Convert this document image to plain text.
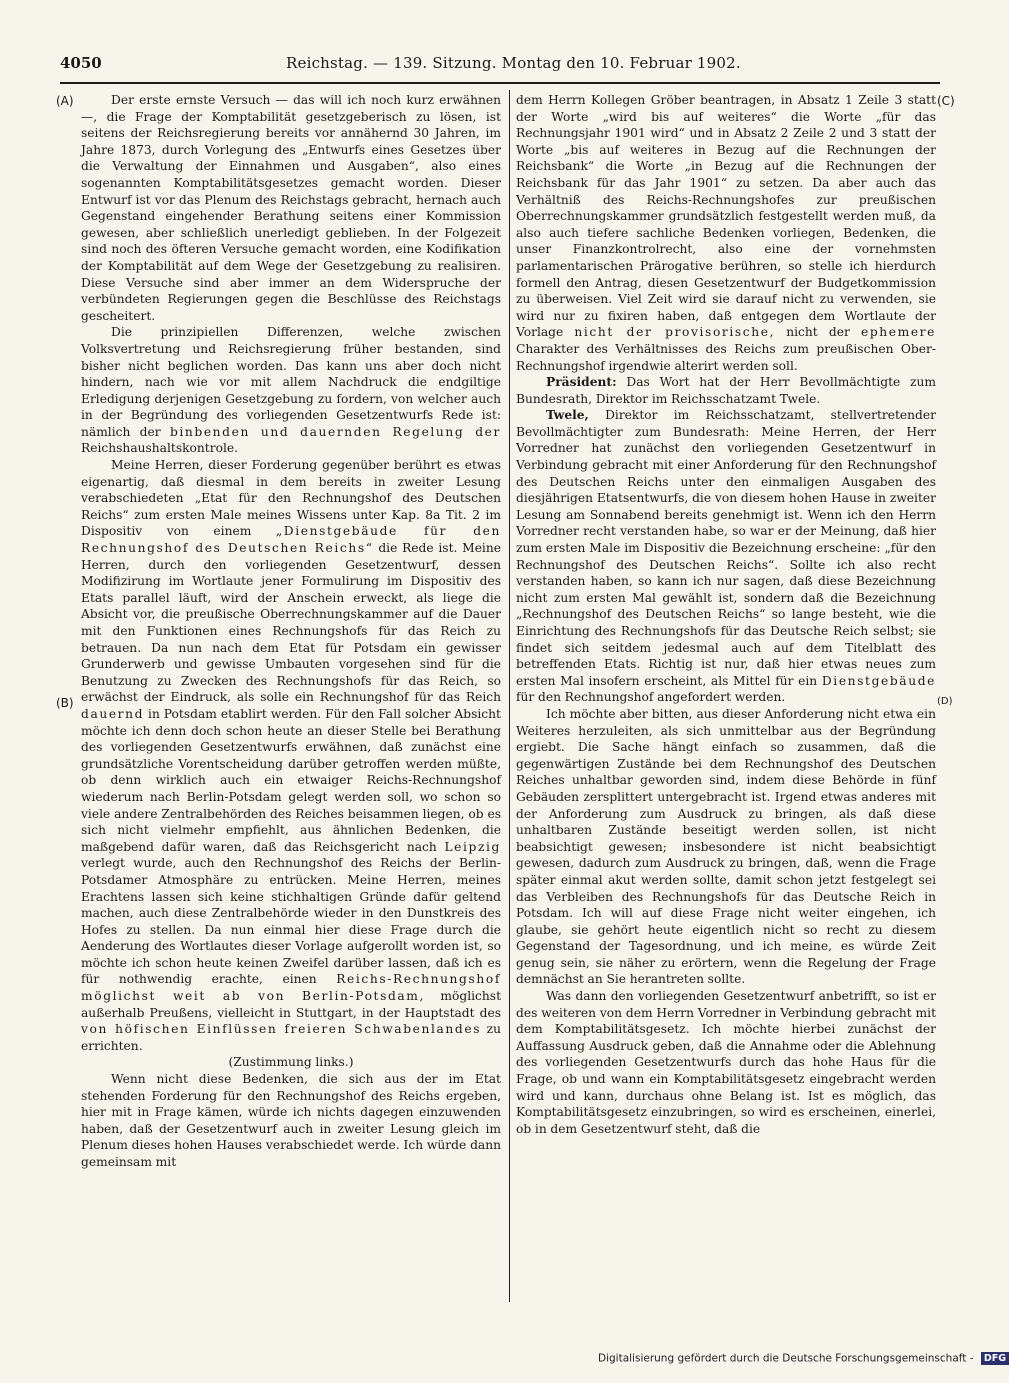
4050	Reichstag. — 139. Sitzung. Montag den 10. Februar 1902.
(A)
(B)
(C)
(D)

Der erste ernste Versuch — das will ich noch kurz erwähnen —, die Frage der Komptabilität gesetzgeberisch zu lösen, ist seitens der Reichsregierung bereits vor annähernd 30 Jahren, im Jahre 1873, durch Vorlegung des „Entwurfs eines Gesetzes über die Verwaltung der Einnahmen und Ausgaben“, also eines sogenannten Komptabilitätsgesetzes gemacht worden. Dieser Entwurf ist vor das Plenum des Reichstags gebracht, hernach auch Gegenstand eingehender Berathung seitens einer Kommission gewesen, aber schließlich unerledigt geblieben. In der Folgezeit sind noch des öfteren Versuche gemacht worden, eine Kodifikation der Komptabilität auf dem Wege der Gesetzgebung zu realisiren. Diese Versuche sind aber immer an dem Widerspruche der verbündeten Regierungen gegen die Beschlüsse des Reichstags gescheitert.

Die prinzipiellen Differenzen, welche zwischen Volksvertretung und Reichsregierung früher bestanden, sind bisher nicht beglichen worden. Das kann uns aber doch nicht hindern, nach wie vor mit allem Nachdruck die endgiltige Erledigung derjenigen Gesetzgebung zu fordern, von welcher auch in der Begründung des vorliegenden Gesetzentwurfs Rede ist: nämlich der binbenden und dauernden Regelung der Reichshaushaltskontrole.

Meine Herren, dieser Forderung gegenüber berührt es etwas eigenartig, daß diesmal in dem bereits in zweiter Lesung verabschiedeten „Etat für den Rechnungshof des Deutschen Reichs“ zum ersten Male meines Wissens unter Kap. 8a Tit. 2 im Dispositiv von einem „Dienstgebäude für den Rechnungshof des Deutschen Reichs“ die Rede ist. Meine Herren, durch den vorliegenden Gesetzentwurf, dessen Modifizirung im Wortlaute jener Formulirung im Dispositiv des Etats parallel läuft, wird der Anschein erweckt, als liege die Absicht vor, die preußische Oberrechnungskammer auf die Dauer mit den Funktionen eines Rechnungshofs für das Reich zu betrauen. Da nun nach dem Etat für Potsdam ein gewisser Grunderwerb und gewisse Umbauten vorgesehen sind für die Benutzung zu Zwecken des Rechnungshofs für das Reich, so erwächst der Eindruck, als solle ein Rechnungshof für das Reich dauernd in Potsdam etablirt werden. Für den Fall solcher Absicht möchte ich denn doch schon heute an dieser Stelle bei Berathung des vorliegenden Gesetzentwurfs erwähnen, daß zunächst eine grundsätzliche Vorentscheidung darüber getroffen werden müßte, ob denn wirklich auch ein etwaiger Reichs-Rechnungshof wiederum nach Berlin-Potsdam gelegt werden soll, wo schon so viele andere Zentralbehörden des Reiches beisammen liegen, ob es sich nicht vielmehr empfiehlt, aus ähnlichen Bedenken, die maßgebend dafür waren, daß das Reichsgericht nach Leipzig verlegt wurde, auch den Rechnungshof des Reichs der Berlin-Potsdamer Atmosphäre zu entrücken. Meine Herren, meines Erachtens lassen sich keine stichhaltigen Gründe dafür geltend machen, auch diese Zentralbehörde wieder in den Dunstkreis des Hofes zu stellen. Da nun einmal hier diese Frage durch die Aenderung des Wortlautes dieser Vorlage aufgerollt worden ist, so möchte ich schon heute keinen Zweifel darüber lassen, daß ich es für nothwendig erachte, einen Reichs-Rechnungshof möglichst weit ab von Berlin-Potsdam, möglichst außerhalb Preußens, vielleicht in Stuttgart, in der Hauptstadt des von höfischen Einflüssen freieren Schwabenlandes zu errichten.

(Zustimmung links.)

Wenn nicht diese Bedenken, die sich aus der im Etat stehenden Forderung für den Rechnungshof des Reichs ergeben, hier mit in Frage kämen, würde ich nichts dagegen einzuwenden haben, daß der Gesetzentwurf auch in zweiter Lesung gleich im Plenum dieses hohen Hauses verabschiedet werde. Ich würde dann gemeinsam mit

dem Herrn Kollegen Gröber beantragen, in Absatz 1 Zeile 3 statt der Worte „wird bis auf weiteres“ die Worte „für das Rechnungsjahr 1901 wird“ und in Absatz 2 Zeile 2 und 3 statt der Worte „bis auf weiteres in Bezug auf die Rechnungen der Reichsbank“ die Worte „in Bezug auf die Rechnungen der Reichsbank für das Jahr 1901“ zu setzen. Da aber auch das Verhältniß des Reichs-Rechnungshofes zur preußischen Oberrechnungskammer grundsätzlich festgestellt werden muß, da also auch tiefere sachliche Bedenken vorliegen, Bedenken, die unser Finanzkontrolrecht, also eine der vornehmsten parlamentarischen Prärogative berühren, so stelle ich hierdurch formell den Antrag, diesen Gesetzentwurf der Budgetkommission zu überweisen. Viel Zeit wird sie darauf nicht zu verwenden, sie wird nur zu fixiren haben, daß entgegen dem Wortlaute der Vorlage nicht der provisorische, nicht der ephemere Charakter des Verhältnisses des Reichs zum preußischen Ober-Rechnungshof irgendwie alterirt werden soll.

Präsident: Das Wort hat der Herr Bevollmächtigte zum Bundesrath, Direktor im Reichsschatzamt Twele.

Twele, Direktor im Reichsschatzamt, stellvertretender Bevollmächtigter zum Bundesrath: Meine Herren, der Herr Vorredner hat zunächst den vorliegenden Gesetzentwurf in Verbindung gebracht mit einer Anforderung für den Rechnungshof des Deutschen Reichs unter den einmaligen Ausgaben des diesjährigen Etatsentwurfs, die von diesem hohen Hause in zweiter Lesung am Sonnabend bereits genehmigt ist. Wenn ich den Herrn Vorredner recht verstanden habe, so war er der Meinung, daß hier zum ersten Male im Dispositiv die Bezeichnung erscheine: „für den Rechnungshof des Deutschen Reichs“. Sollte ich also recht verstanden haben, so kann ich nur sagen, daß diese Bezeichnung nicht zum ersten Mal gewählt ist, sondern daß die Bezeichnung „Rechnungshof des Deutschen Reichs“ so lange besteht, wie die Einrichtung des Rechnungshofs für das Deutsche Reich selbst; sie findet sich seitdem jedesmal auch auf dem Titelblatt des betreffenden Etats. Richtig ist nur, daß hier etwas neues zum ersten Mal insofern erscheint, als Mittel für ein Dienstgebäude für den Rechnungshof angefordert werden.

Ich möchte aber bitten, aus dieser Anforderung nicht etwa ein Weiteres herzuleiten, als sich unmittelbar aus der Begründung ergiebt. Die Sache hängt einfach so zusammen, daß die gegenwärtigen Zustände bei dem Rechnungshof des Deutschen Reiches unhaltbar geworden sind, indem diese Behörde in fünf Gebäuden zersplittert untergebracht ist. Irgend etwas anderes mit der Anforderung zum Ausdruck zu bringen, als daß diese unhaltbaren Zustände beseitigt werden sollen, ist nicht beabsichtigt gewesen; insbesondere ist nicht beabsichtigt gewesen, dadurch zum Ausdruck zu bringen, daß, wenn die Frage später einmal akut werden sollte, damit schon jetzt festgelegt sei das Verbleiben des Rechnungshofs für das Deutsche Reich in Potsdam. Ich will auf diese Frage nicht weiter eingehen, ich glaube, sie gehört heute eigentlich nicht so recht zu diesem Gegenstand der Tagesordnung, und ich meine, es würde Zeit genug sein, sie näher zu erörtern, wenn die Regelung der Frage demnächst an Sie herantreten sollte.

Was dann den vorliegenden Gesetzentwurf anbetrifft, so ist er des weiteren von dem Herrn Vorredner in Verbindung gebracht mit dem Komptabilitätsgesetz. Ich möchte hierbei zunächst der Auffassung Ausdruck geben, daß die Annahme oder die Ablehnung des vorliegenden Gesetzentwurfs durch das hohe Haus für die Frage, ob und wann ein Komptabilitätsgesetz eingebracht werden wird und kann, durchaus ohne Belang ist. Ist es möglich, das Komptabilitätsgesetz einzubringen, so wird es erscheinen, einerlei, ob in dem Gesetzentwurf steht, daß die

Digitalisierung gefördert durch die Deutsche Forschungsgemeinschaft - DFG
